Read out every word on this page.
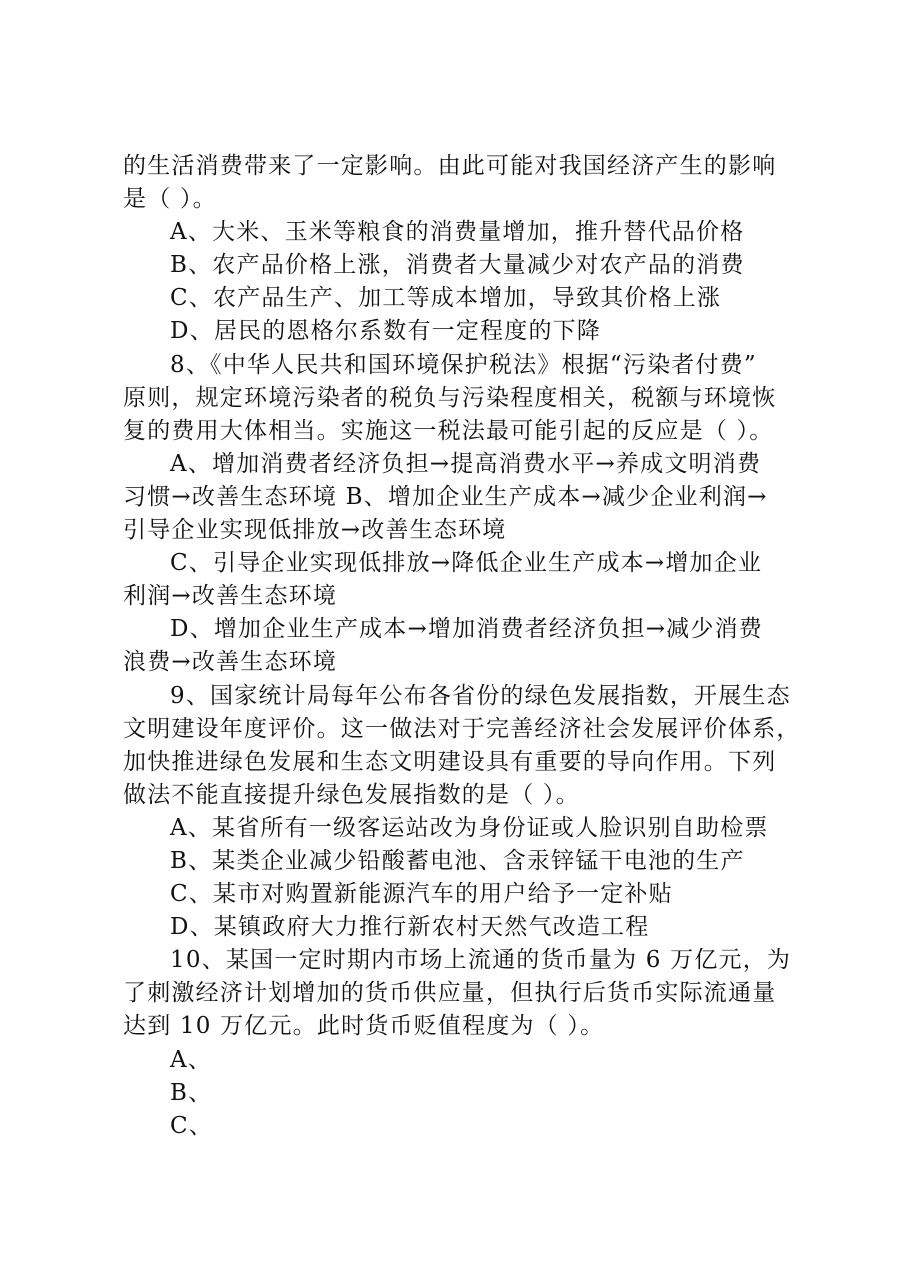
的生活消费带来了一定影响。由此可能对我国经济产生的影响
是（ ）。
A、大米、玉米等粮食的消费量增加，推升替代品价格
B、农产品价格上涨，消费者大量减少对农产品的消费
C、农产品生产、加工等成本增加，导致其价格上涨
D、居民的恩格尔系数有一定程度的下降
8、《中华人民共和国环境保护税法》根据“污染者付费”
原则，规定环境污染者的税负与污染程度相关，税额与环境恢
复的费用大体相当。实施这一税法最可能引起的反应是（ ）。
A、增加消费者经济负担→提高消费水平→养成文明消费
习惯→改善生态环境 B、增加企业生产成本→减少企业利润→
引导企业实现低排放→改善生态环境
C、引导企业实现低排放→降低企业生产成本→增加企业
利润→改善生态环境
D、增加企业生产成本→增加消费者经济负担→减少消费
浪费→改善生态环境
9、国家统计局每年公布各省份的绿色发展指数，开展生态
文明建设年度评价。这一做法对于完善经济社会发展评价体系，
加快推进绿色发展和生态文明建设具有重要的导向作用。下列
做法不能直接提升绿色发展指数的是（ ）。
A、某省所有一级客运站改为身份证或人脸识别自助检票
B、某类企业减少铅酸蓄电池、含汞锌锰干电池的生产
C、某市对购置新能源汽车的用户给予一定补贴
D、某镇政府大力推行新农村天然气改造工程
10、某国一定时期内市场上流通的货币量为 6 万亿元，为
了刺激经济计划增加的货币供应量，但执行后货币实际流通量
达到 10 万亿元。此时货币贬值程度为（ ）。
A、
B、
C、
